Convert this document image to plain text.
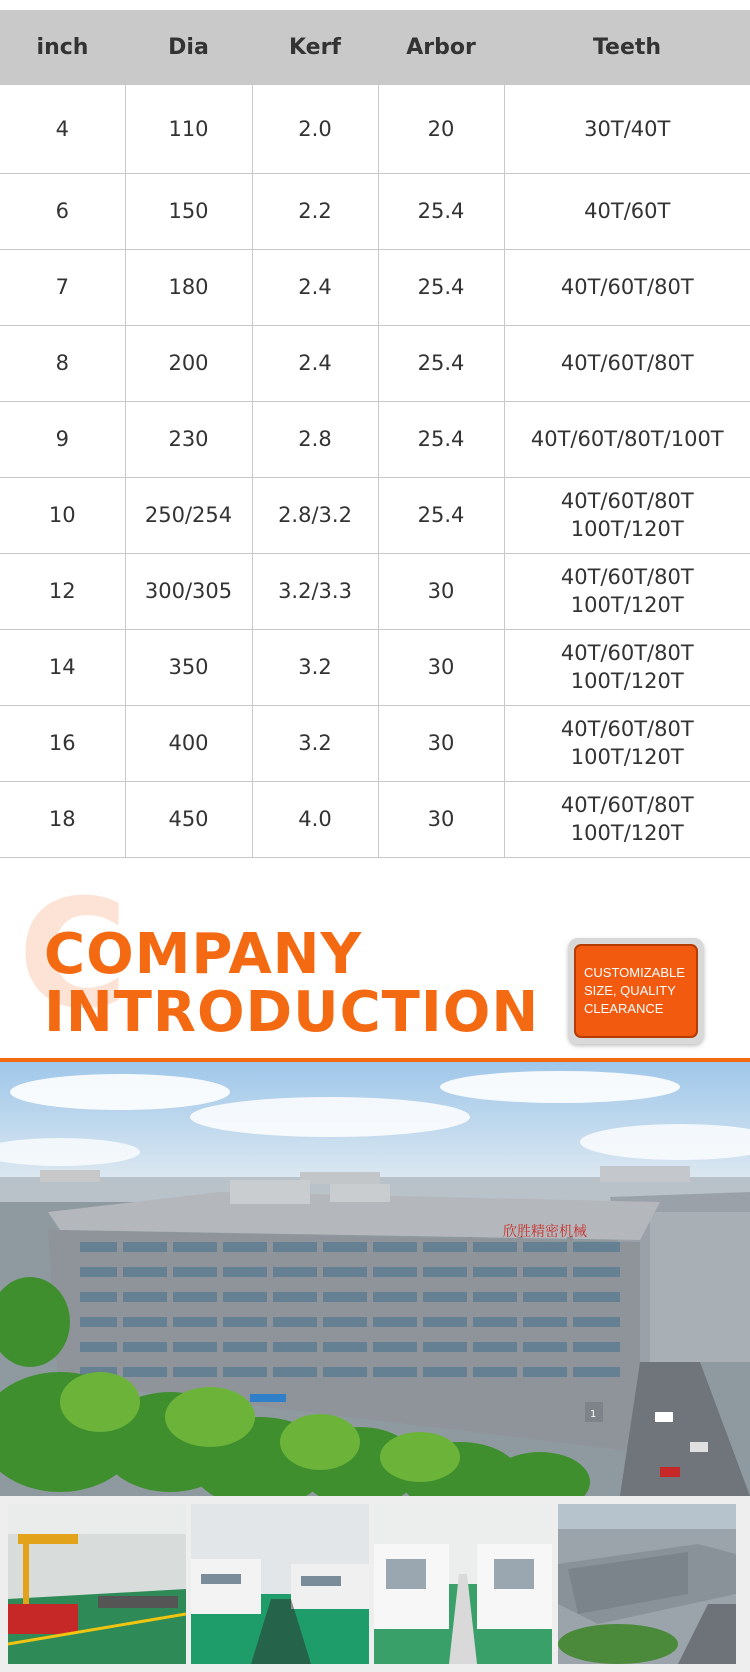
inch	Dia	Kerf	Arbor	Teeth
4	110	2.0	20	30T/40T
6	150	2.2	25.4	40T/60T
7	180	2.4	25.4	40T/60T/80T
8	200	2.4	25.4	40T/60T/80T
9	230	2.8	25.4	40T/60T/80T/100T
10	250/254	2.8/3.2	25.4	40T/60T/80T
100T/120T
12	300/305	3.2/3.3	30	40T/60T/80T
100T/120T
14	350	3.2	30	40T/60T/80T
100T/120T
16	400	3.2	30	40T/60T/80T
100T/120T
18	450	4.0	30	40T/60T/80T
100T/120T
C
COMPANY
INTRODUCTION
CUSTOMIZABLE
SIZE, QUALITY
CLEARANCE
欣胜精密机械
1
